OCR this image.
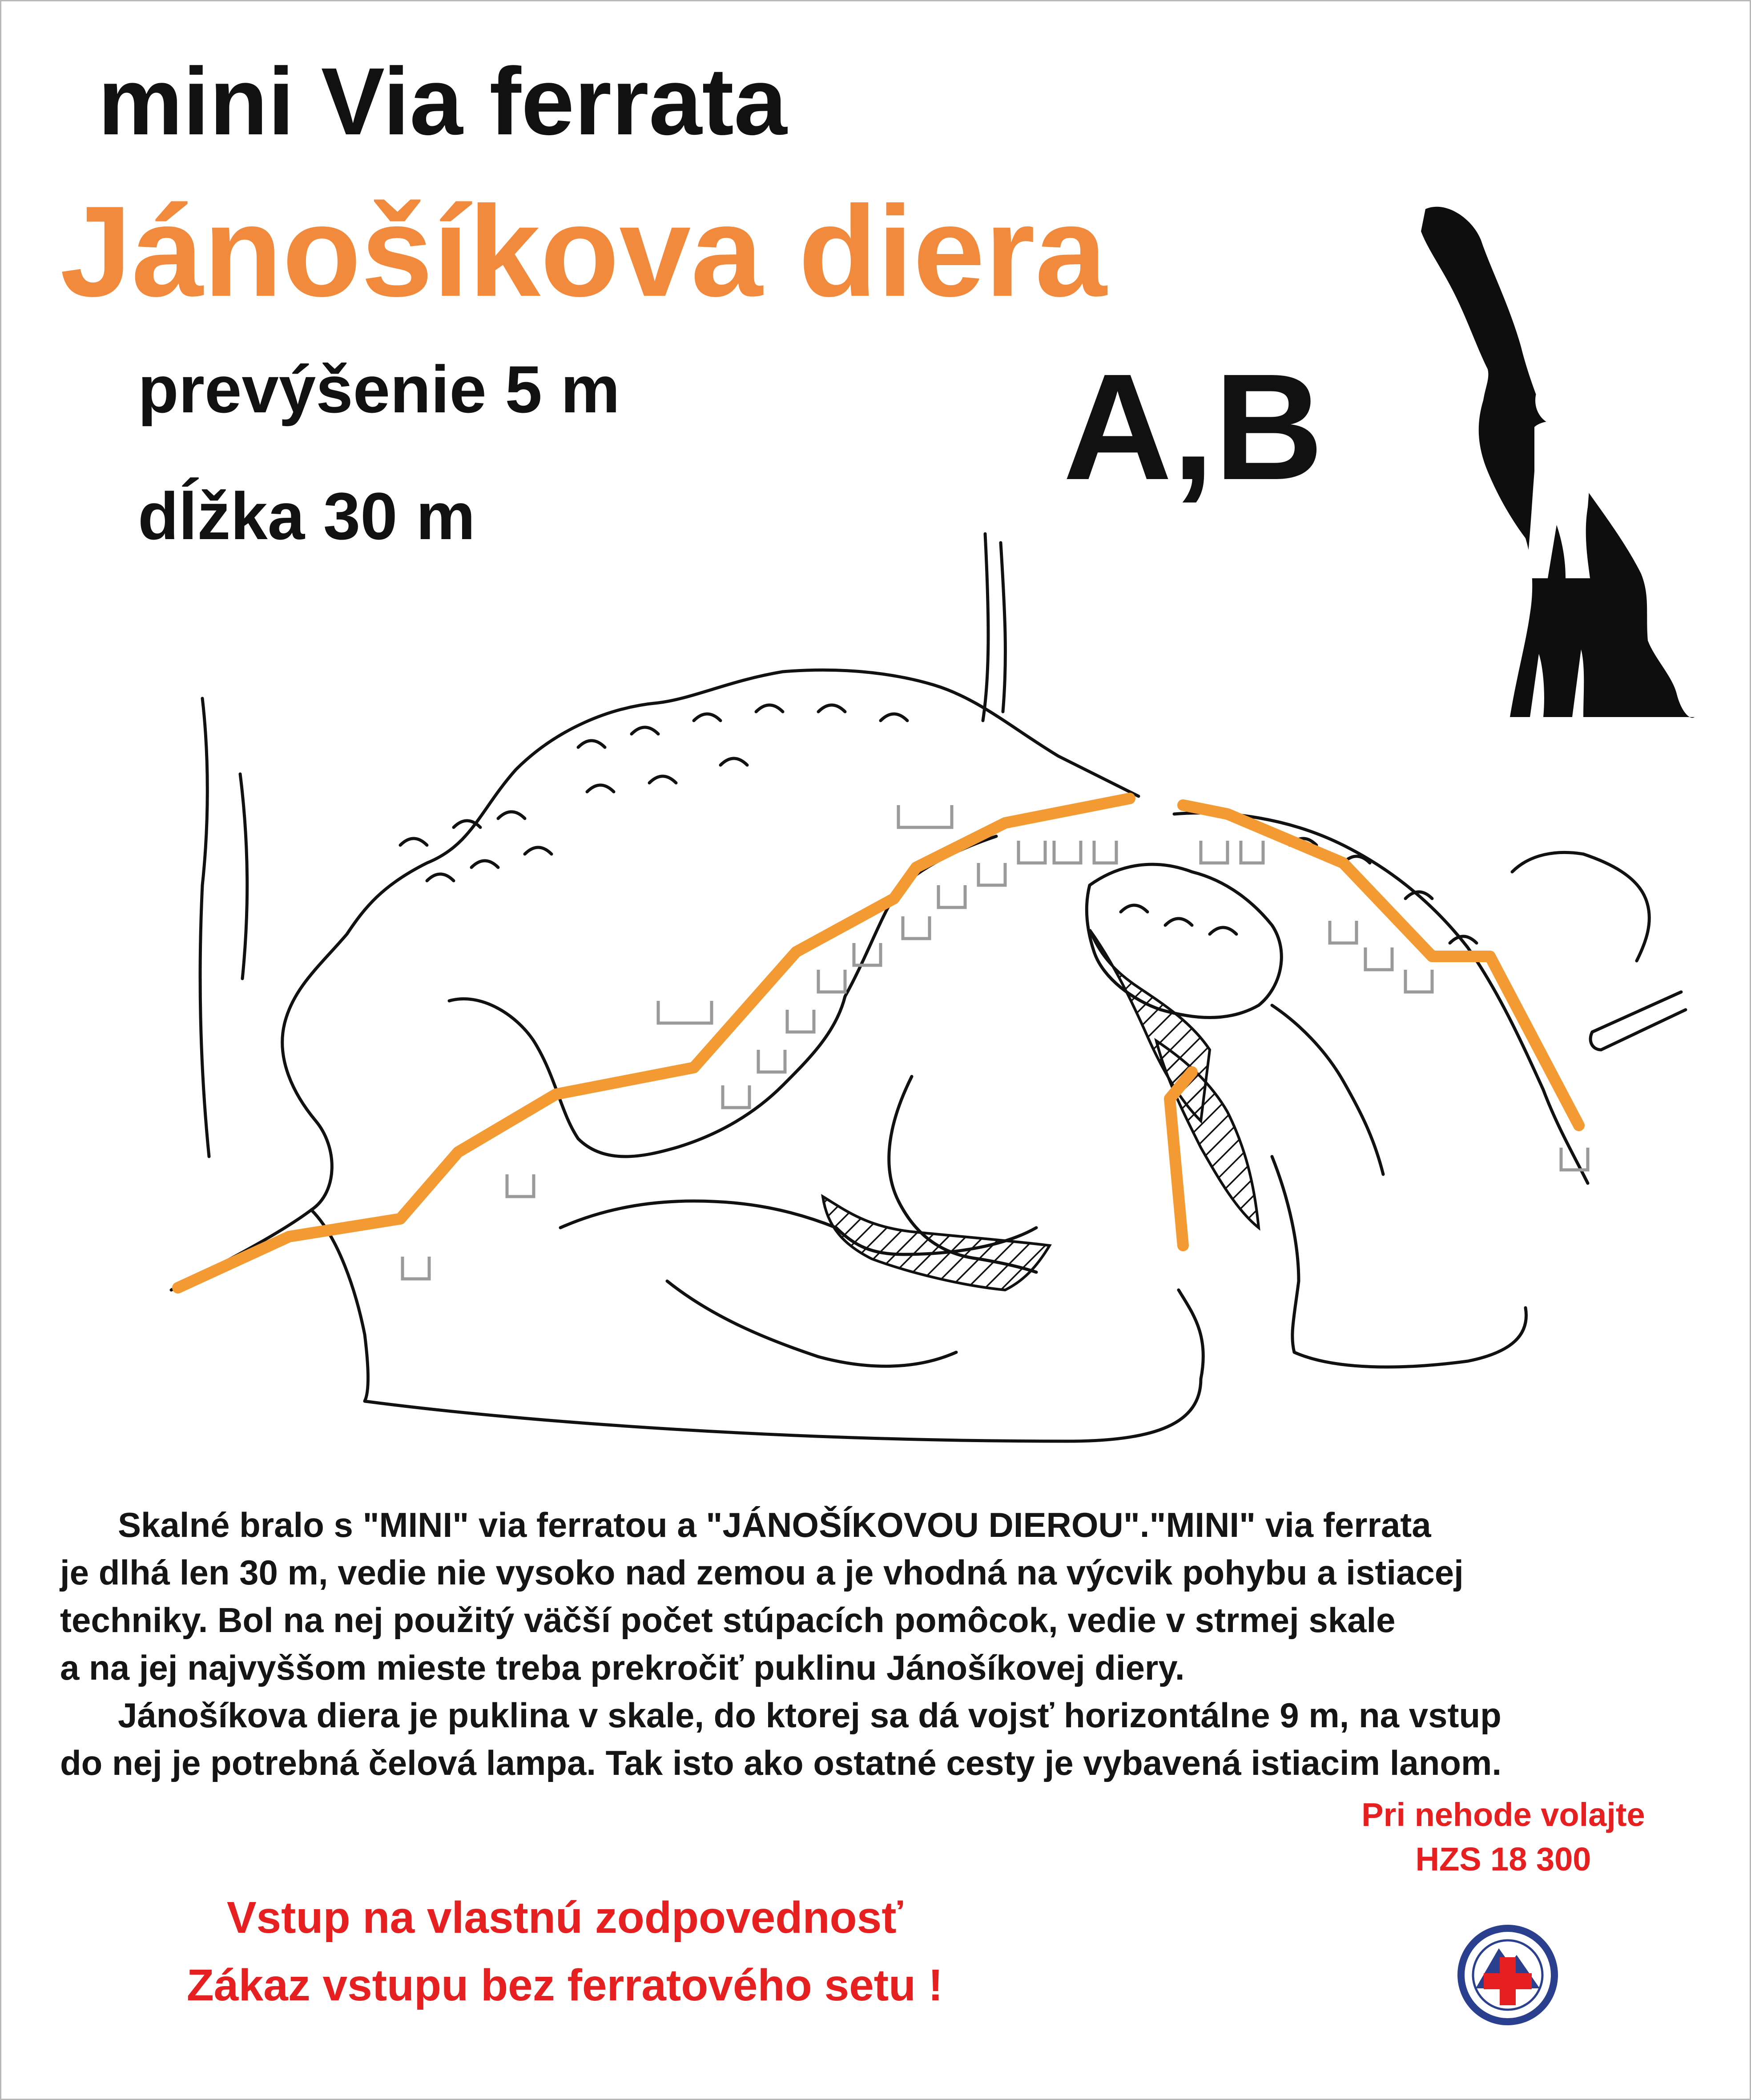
mini Via ferrata
Jánošíkova diera
prevýšenie 5 m
dĺžka 30 m
A,B

Skalné bralo s "MINI" via ferratou a "JÁNOŠÍKOVOU DIEROU"."MINI" via ferrata

je dlhá len 30 m, vedie nie vysoko nad zemou a je vhodná na výcvik pohybu a istiacej

techniky. Bol na nej použitý väčší počet stúpacích pomôcok, vedie v strmej skale

a na jej najvyššom mieste treba prekročiť puklinu Jánošíkovej diery.

Jánošíkova diera je puklina v skale, do ktorej sa dá vojsť horizontálne 9 m, na vstup

do nej je potrebná čelová lampa. Tak isto ako ostatné cesty je vybavená istiacim lanom.

Vstup na vlastnú zodpovednosť

Zákaz vstupu bez ferratového setu !

Pri nehode volajte

HZS 18 300
